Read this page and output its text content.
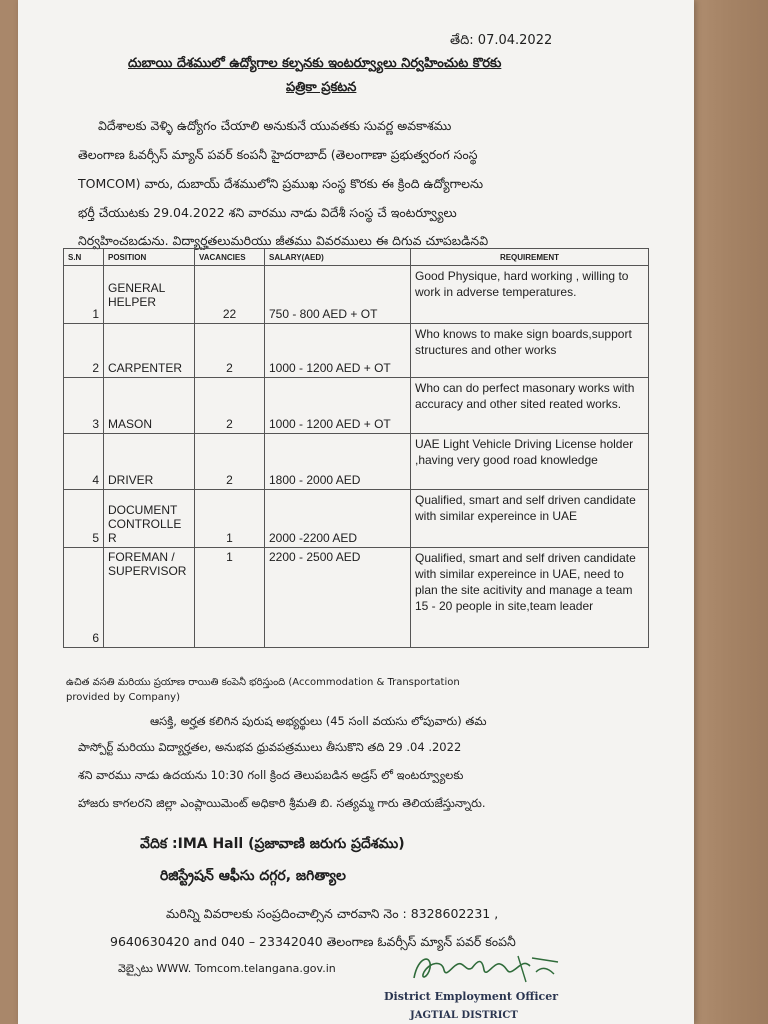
తేది: 07.04.2022
దుబాయి దేశములో ఉద్యోగాల కల్పనకు ఇంటర్వ్యూలు నిర్వహించుట కొరకు
పత్రికా ప్రకటన
విదేశాలకు వెళ్ళి ఉద్యోగం చేయాలి అనుకునే యువతకు సువర్ణ అవకాశము
తెలంగాణ ఓవర్సీస్ మ్యాన్ పవర్ కంపనీ హైదరాబాద్ (తెలంగాణా ప్రభుత్వరంగ సంస్థ
TOMCOM) వారు, దుబాయ్ దేశములోని ప్రముఖ సంస్థ కొరకు ఈ క్రింది ఉద్యోగాలను
భర్తీ చేయుటకు 29.04.2022 శని వారము నాడు విదేశీ సంస్థ చే ఇంటర్వ్యూలు
నిర్వహించబడును. విద్యార్హతలుమరియు జీతము వివరములు ఈ దిగువ చూపబడినవి
S.N	POSITION	VACANCIES	SALARY(AED)	REQUIREMENT
1	GENERAL HELPER	22	750 - 800 AED + OT	Good Physique, hard working , willing to work in adverse temperatures.
2	CARPENTER	2	1000 - 1200 AED + OT	Who knows to make sign boards,support structures and other works
3	MASON	2	1000 - 1200 AED + OT	Who can do perfect masonary works with accuracy and other sited reated works.
4	DRIVER	2	1800 - 2000 AED	UAE Light Vehicle Driving License holder ,having very good road knowledge
5	DOCUMENT CONTROLLE R	1	2000 -2200 AED	Qualified, smart and self driven candidate with similar expereince in UAE
6	FOREMAN / SUPERVISOR	1	2200 - 2500 AED	Qualified, smart and self driven candidate with similar expereince in UAE, need to plan the site acitivity and manage a team 15 - 20 people in site,team leader
ఉచిత వసతి మరియు ప్రయాణ రాయితి కంపెనీ భరిస్తుంది (Accommodation & Transportation
provided by Company)
ఆసక్తి, అర్హత కలిగిన పురుష అభ్యర్థులు (45 సంll వయసు లోపువారు) తమ
పాస్పోర్ట్ మరియు విద్యార్హతల, అనుభవ ధ్రువపత్రములు తీసుకొని తది 29 .04 .2022
శని వారము నాడు ఉదయను 10:30 గంll క్రింద తెలుపబడిన అడ్రస్ లో ఇంటర్వ్యూలకు
హాజరు కాగలరని జిల్లా ఎంప్లాయిమెంట్ అధికారి శ్రీమతి బి. సత్యమ్మ గారు తెలియజేస్తున్నారు.
వేదిక :IMA Hall (ప్రజావాణి జరుగు ప్రదేశము)
రిజిస్ట్రేషన్ ఆఫీసు దగ్గర, జగిత్యాల
మరిన్ని వివరాలకు సంప్రదించాల్సిన చారవాని నెం : 8328602231 ,
9640630420 and 040 – 23342040 తెలంగాణ ఓవర్సీస్ మ్యాన్ పవర్ కంపనీ
వెబ్సైటు WWW. Tomcom.telangana.gov.in
District Employment Officer
JAGTIAL DISTRICT
